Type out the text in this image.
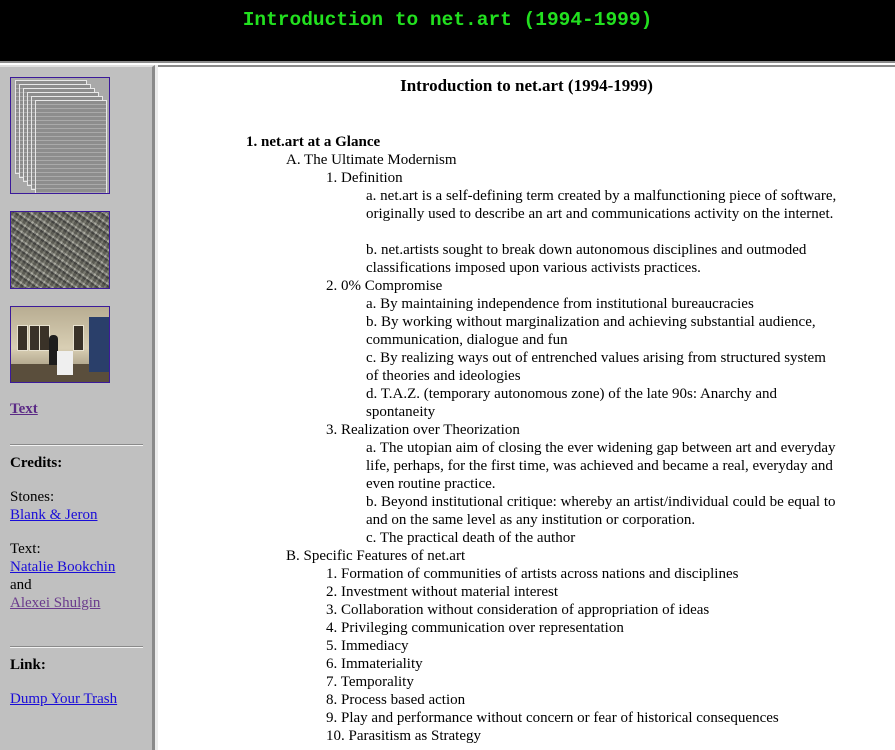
Introduction to net.art (1994-1999)
Text
Credits:
Stones:
Blank & Jeron
Text:
Natalie Bookchin
and
Alexei Shulgin
Link:
Dump Your Trash
Introduction to net.art (1994-1999)
1. net.art at a Glance
A. The Ultimate Modernism
1. Definition
a. net.art is a self-defining term created by a malfunctioning piece of software, originally used to describe an art and communications activity on the internet.
b. net.artists sought to break down autonomous disciplines and outmoded classifications imposed upon various activists practices.
2. 0% Compromise
a. By maintaining independence from institutional bureaucracies
b. By working without marginalization and achieving substantial audience, communication, dialogue and fun
c. By realizing ways out of entrenched values arising from structured system of theories and ideologies
d. T.A.Z. (temporary autonomous zone) of the late 90s: Anarchy and spontaneity
3. Realization over Theorization
a. The utopian aim of closing the ever widening gap between art and everyday life, perhaps, for the first time, was achieved and became a real, everyday and even routine practice.
b. Beyond institutional critique: whereby an artist/individual could be equal to and on the same level as any institution or corporation.
c. The practical death of the author
B. Specific Features of net.art
1. Formation of communities of artists across nations and disciplines
2. Investment without material interest
3. Collaboration without consideration of appropriation of ideas
4. Privileging communication over representation
5. Immediacy
6. Immateriality
7. Temporality
8. Process based action
9. Play and performance without concern or fear of historical consequences
10. Parasitism as Strategy
